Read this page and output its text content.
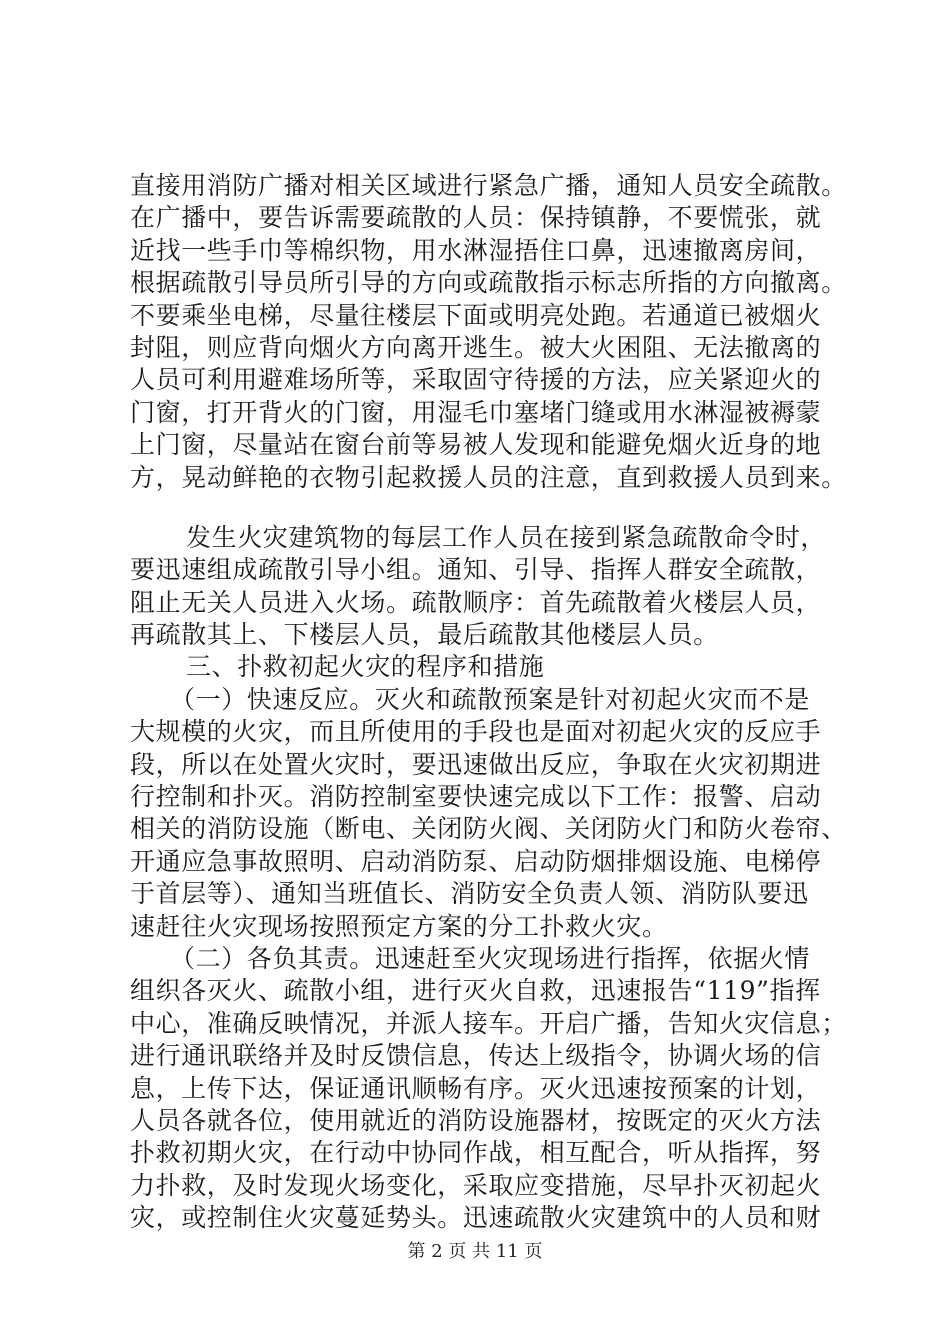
直接用消防广播对相关区域进行紧急广播，通知人员安全疏散。
在广播中，要告诉需要疏散的人员：保持镇静，不要慌张，就
近找一些手巾等棉织物，用水淋湿捂住口鼻，迅速撤离房间，
根据疏散引导员所引导的方向或疏散指示标志所指的方向撤离。
不要乘坐电梯，尽量往楼层下面或明亮处跑。若通道已被烟火
封阻，则应背向烟火方向离开逃生。被大火困阻、无法撤离的
人员可利用避难场所等，采取固守待援的方法，应关紧迎火的
门窗，打开背火的门窗，用湿毛巾塞堵门缝或用水淋湿被褥蒙
上门窗，尽量站在窗台前等易被人发现和能避免烟火近身的地
方，晃动鲜艳的衣物引起救援人员的注意，直到救援人员到来。
发生火灾建筑物的每层工作人员在接到紧急疏散命令时，
要迅速组成疏散引导小组。通知、引导、指挥人群安全疏散，
阻止无关人员进入火场。疏散顺序：首先疏散着火楼层人员，
再疏散其上、下楼层人员，最后疏散其他楼层人员。
三、扑救初起火灾的程序和措施
（一）快速反应。灭火和疏散预案是针对初起火灾而不是
大规模的火灾，而且所使用的手段也是面对初起火灾的反应手
段，所以在处置火灾时，要迅速做出反应，争取在火灾初期进
行控制和扑灭。消防控制室要快速完成以下工作：报警、启动
相关的消防设施（断电、关闭防火阀、关闭防火门和防火卷帘、
开通应急事故照明、启动消防泵、启动防烟排烟设施、电梯停
于首层等）、通知当班值长、消防安全负责人领、消防队要迅
速赶往火灾现场按照预定方案的分工扑救火灾。
（二）各负其责。迅速赶至火灾现场进行指挥，依据火情
组织各灭火、疏散小组，进行灭火自救，迅速报告“119”指挥
中心，准确反映情况，并派人接车。开启广播，告知火灾信息；
进行通讯联络并及时反馈信息，传达上级指令，协调火场的信
息，上传下达，保证通讯顺畅有序。灭火迅速按预案的计划，
人员各就各位，使用就近的消防设施器材，按既定的灭火方法
扑救初期火灾，在行动中协同作战，相互配合，听从指挥，努
力扑救，及时发现火场变化，采取应变措施，尽早扑灭初起火
灾，或控制住火灾蔓延势头。迅速疏散火灾建筑中的人员和财
第 2 页 共 11 页
